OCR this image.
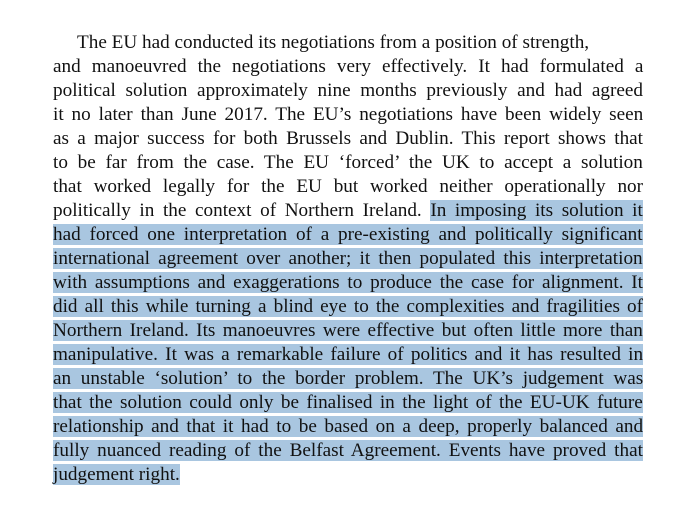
The EU had conducted its negotiations from a position of strength,
and manoeuvred the negotiations very effectively. It had formulated a
political solution approximately nine months previously and had agreed
it no later than June 2017. The EU’s negotiations have been widely seen
as a major success for both Brussels and Dublin. This report shows that
to be far from the case. The EU ‘forced’ the UK to accept a solution
that worked legally for the EU but worked neither operationally nor
politically in the context of Northern Ireland. In imposing its solution it
had forced one interpretation of a pre-existing and politically significant
international agreement over another; it then populated this interpretation
with assumptions and exaggerations to produce the case for alignment. It
did all this while turning a blind eye to the complexities and fragilities of
Northern Ireland. Its manoeuvres were effective but often little more than
manipulative. It was a remarkable failure of politics and it has resulted in
an unstable ‘solution’ to the border problem. The UK’s judgement was
that the solution could only be finalised in the light of the EU-UK future
relationship and that it had to be based on a deep, properly balanced and
fully nuanced reading of the Belfast Agreement. Events have proved that
judgement right.
